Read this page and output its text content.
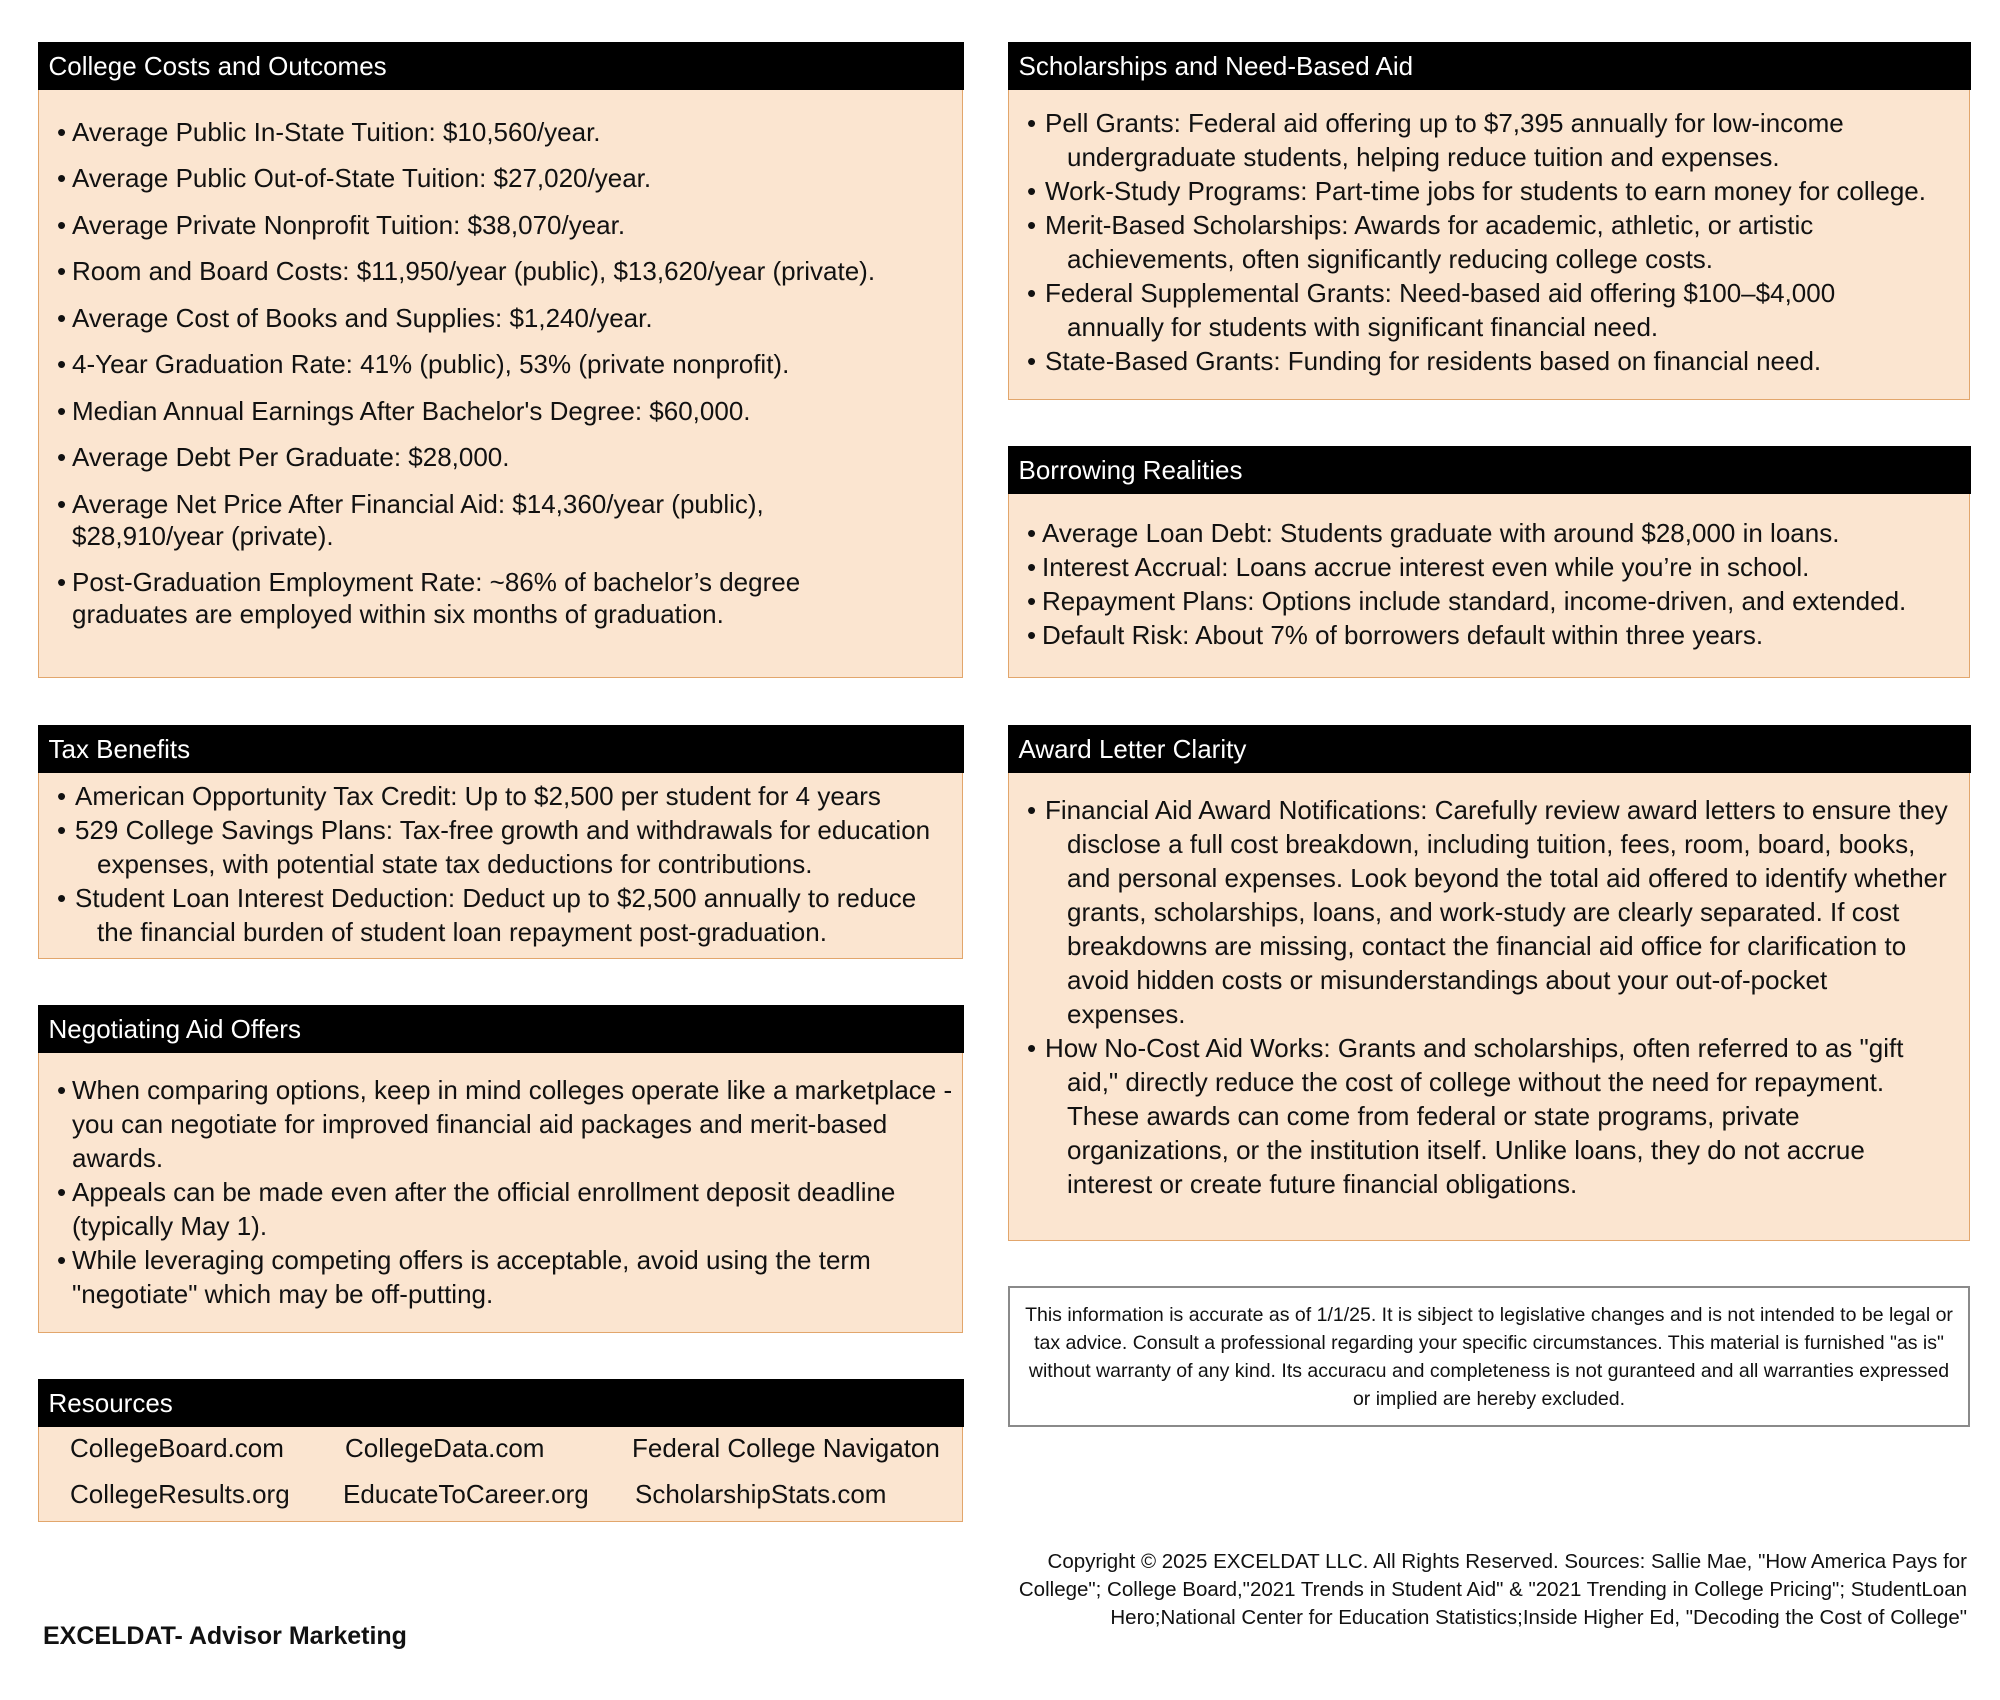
College Costs and Outcomes
• Average Public In-State Tuition: $10,560/year.
• Average Public Out-of-State Tuition: $27,020/year.
• Average Private Nonprofit Tuition: $38,070/year.
• Room and Board Costs: $11,950/year (public), $13,620/year (private).
• Average Cost of Books and Supplies: $1,240/year.
• 4-Year Graduation Rate: 41% (public), 53% (private nonprofit).
• Median Annual Earnings After Bachelor's Degree: $60,000.
• Average Debt Per Graduate: $28,000.
• Average Net Price After Financial Aid: $14,360/year (public), $28,910/year (private).
• Post-Graduation Employment Rate: ~86% of bachelor’s degree graduates are employed within six months of graduation.
Tax Benefits
• American Opportunity Tax Credit: Up to $2,500 per student for 4 years
• 529 College Savings Plans: Tax-free growth and withdrawals for education expenses, with potential state tax deductions for contributions.
• Student Loan Interest Deduction: Deduct up to $2,500 annually to reduce the financial burden of student loan repayment post-graduation.
Negotiating Aid Offers
• When comparing options, keep in mind colleges operate like a marketplace - you can negotiate for improved financial aid packages and merit-based awards.
• Appeals can be made even after the official enrollment deposit deadline (typically May 1).
• While leveraging competing offers is acceptable, avoid using the term "negotiate" which may be off-putting.
Resources
CollegeBoard.com CollegeData.com	Federal College Navigaton
CollegeResults.org EducateToCareer.org ScholarshipStats.com
Scholarships and Need-Based Aid
• Pell Grants: Federal aid offering up to $7,395 annually for low-income undergraduate students, helping reduce tuition and expenses.
• Work-Study Programs: Part-time jobs for students to earn money for college.
• Merit-Based Scholarships: Awards for academic, athletic, or artistic achievements, often significantly reducing college costs.
• Federal Supplemental Grants: Need-based aid offering $100–$4,000 annually for students with significant financial need.
• State-Based Grants: Funding for residents based on financial need.
Borrowing Realities
• Average Loan Debt: Students graduate with around $28,000 in loans.
• Interest Accrual: Loans accrue interest even while you’re in school.
• Repayment Plans: Options include standard, income-driven, and extended.
• Default Risk: About 7% of borrowers default within three years.
Award Letter Clarity
• Financial Aid Award Notifications: Carefully review award letters to ensure they disclose a full cost breakdown, including tuition, fees, room, board, books, and personal expenses. Look beyond the total aid offered to identify whether grants, scholarships, loans, and work-study are clearly separated. If cost breakdowns are missing, contact the financial aid office for clarification to avoid hidden costs or misunderstandings about your out-of-pocket expenses.
• How No-Cost Aid Works: Grants and scholarships, often referred to as "gift aid," directly reduce the cost of college without the need for repayment. These awards can come from federal or state programs, private organizations, or the institution itself. Unlike loans, they do not accrue interest or create future financial obligations.
This information is accurate as of 1/1/25. It is sibject to legislative changes and is not intended to be legal or tax advice. Consult a professional regarding your specific circumstances. This material is furnished "as is" without warranty of any kind. Its accuracu and completeness is not guranteed and all warranties expressed or implied are hereby excluded.
Copyright © 2025 EXCELDAT LLC. All Rights Reserved. Sources: Sallie Mae, "How America Pays for College"; College Board,"2021 Trends in Student Aid" & "2021 Trending in College Pricing"; StudentLoan Hero;National Center for Education Statistics;Inside Higher Ed, "Decoding the Cost of College"
EXCELDAT- Advisor Marketing
